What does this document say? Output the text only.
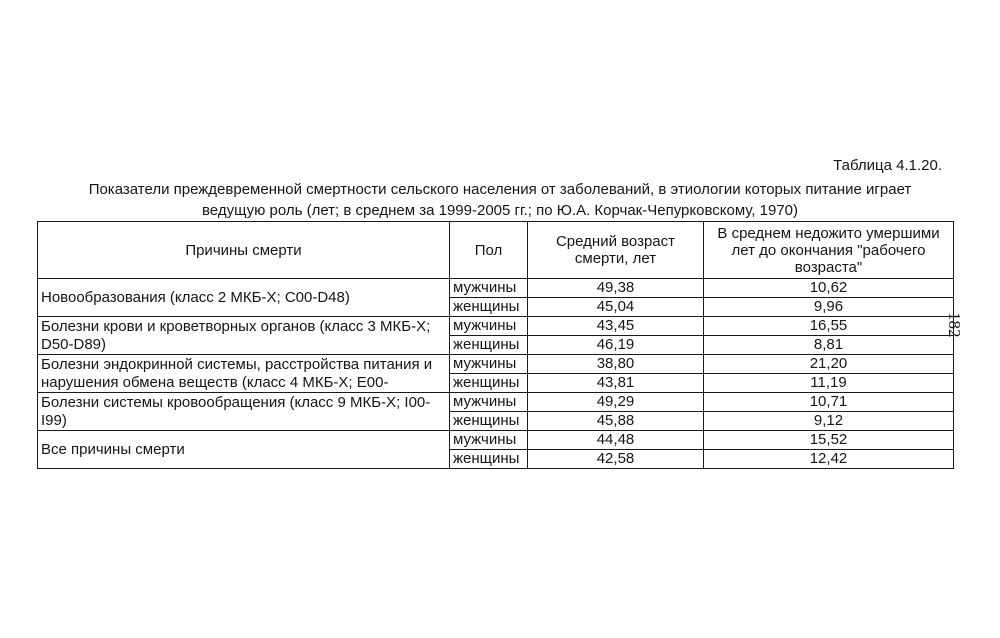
Таблица 4.1.20.

Показатели преждевременной смертности сельского населения от заболеваний, в этиологии которых питание играет
ведущую роль (лет; в среднем за 1999-2005 гг.; по Ю.А. Корчак-Чепурковскому, 1970)

Причины смерти	Пол	Средний возраст смерти, лет	В среднем недожито умершими лет до окончания "рабочего возраста"
Новообразования (класс 2 МКБ-Х; С00-D48)	мужчины	49,38	10,62
	женщины	45,04	9,96
Болезни крови и кроветворных органов (класс 3 МКБ-Х; D50-D89)	мужчины	43,45	16,55
	женщины	46,19	8,81
Болезни эндокринной системы, расстройства питания и нарушения обмена веществ (класс 4 МКБ-Х; Е00-	мужчины	38,80	21,20
	женщины	43,81	11,19
Болезни системы кровообращения (класс 9 МКБ-Х; I00-I99)	мужчины	49,29	10,71
	женщины	45,88	9,12
Все причины смерти	мужчины	44,48	15,52
	женщины	42,58	12,42

182
